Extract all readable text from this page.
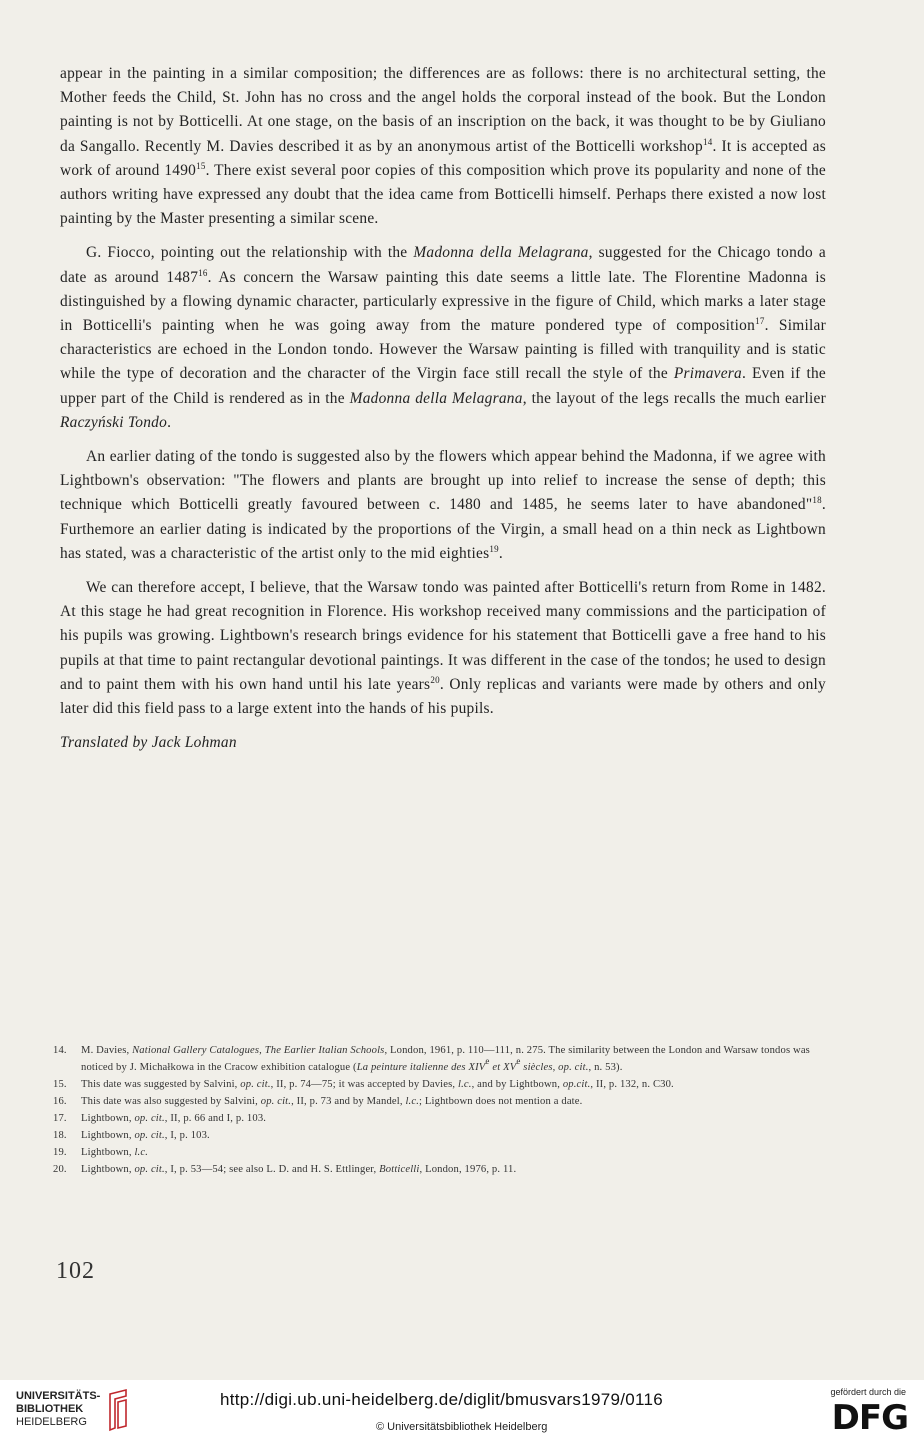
appear in the painting in a similar composition; the differences are as follows: there is no architectural setting, the Mother feeds the Child, St. John has no cross and the angel holds the corporal instead of the book. But the London painting is not by Botticelli. At one stage, on the basis of an inscription on the back, it was thought to be by Giuliano da Sangallo. Recently M. Davies described it as by an anonymous artist of the Botticelli workshop$^{14}$. It is accepted as work of around 1490$^{15}$. There exist several poor copies of this composition which prove its popularity and none of the authors writing have expressed any doubt that the idea came from Botticelli himself. Perhaps there existed a now lost painting by the Master presenting a similar scene.

G. Fiocco, pointing out the relationship with the Madonna della Melagrana, suggested for the Chicago tondo a date as around 1487$^{16}$. As concern the Warsaw painting this date seems a little late. The Florentine Madonna is distinguished by a flowing dynamic character, particularly expressive in the figure of Child, which marks a later stage in Botticelli's painting when he was going away from the mature pondered type of composition$^{17}$. Similar characteristics are echoed in the London tondo. However the Warsaw painting is filled with tranquility and is static while the type of decoration and the character of the Virgin face still recall the style of the Primavera. Even if the upper part of the Child is rendered as in the Madonna della Melagrana, the layout of the legs recalls the much earlier Raczyński Tondo.

An earlier dating of the tondo is suggested also by the flowers which appear behind the Madonna, if we agree with Lightbown's observation: "The flowers and plants are brought up into relief to increase the sense of depth; this technique which Botticelli greatly favoured between c. 1480 and 1485, he seems later to have abandoned"$^{18}$. Furthemore an earlier dating is indicated by the proportions of the Virgin, a small head on a thin neck as Lightbown has stated, was a characteristic of the artist only to the mid eighties$^{19}$.

We can therefore accept, I believe, that the Warsaw tondo was painted after Botticelli's return from Rome in 1482. At this stage he had great recognition in Florence. His workshop received many commissions and the participation of his pupils was growing. Lightbown's research brings evidence for his statement that Botticelli gave a free hand to his pupils at that time to paint rectangular devotional paintings. It was different in the case of the tondos; he used to design and to paint them with his own hand until his late years$^{20}$. Only replicas and variants were made by others and only later did this field pass to a large extent into the hands of his pupils.

Translated by Jack Lohman

14.	M. Davies, National Gallery Catalogues, The Earlier Italian Schools, London, 1961, p. 110—111, n. 275. The similarity between the London and Warsaw tondos was noticed by J. Michałkowa in the Cracow exhibition catalogue (La peinture italienne des XIVe et XVe siècles, op. cit., n. 53).
15.	This date was suggested by Salvini, op. cit., II, p. 74—75; it was accepted by Davies, l.c., and by Lightbown, op.cit., II, p. 132, n. C30.
16.	This date was also suggested by Salvini, op. cit., II, p. 73 and by Mandel, l.c.; Lightbown does not mention a date.
17.	Lightbown, op. cit., II, p. 66 and I, p. 103.
18.	Lightbown, op. cit., I, p. 103.
19.	Lightbown, l.c.
20.	Lightbown, op. cit., I, p. 53—54; see also L. D. and H. S. Ettlinger, Botticelli, London, 1976, p. 11.
102
UNIVERSITÄTS-
BIBLIOTHEK
HEIDELBERG
http://digi.ub.uni-heidelberg.de/diglit/bmusvars1979/0116
© Universitätsbibliothek Heidelberg
gefördert durch die
DFG
